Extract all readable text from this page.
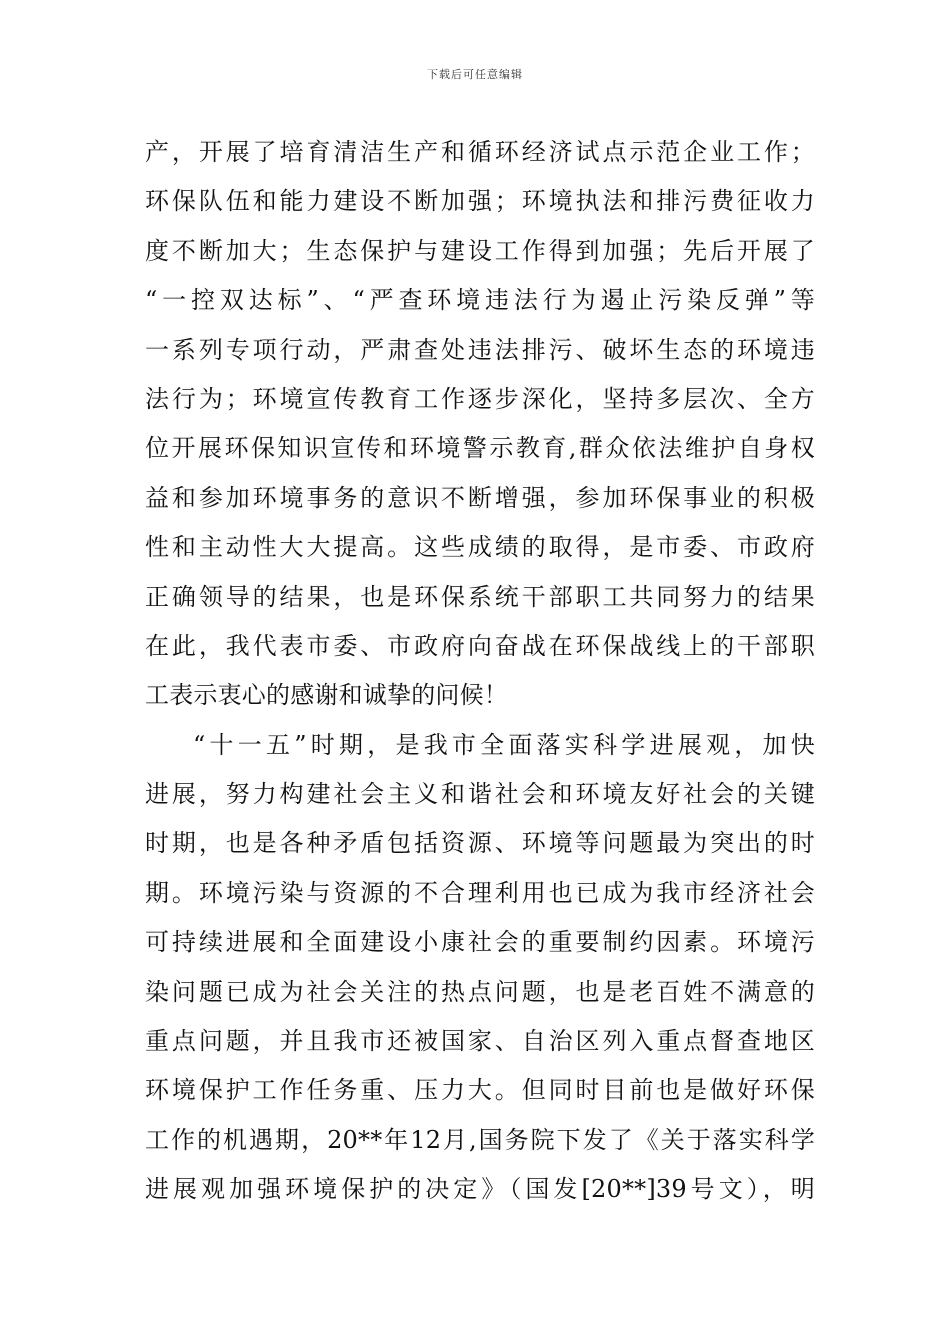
下载后可任意编辑
产，开展了培育清洁生产和循环经济试点示范企业工作；
环保队伍和能力建设不断加强；环境执法和排污费征收力
度不断加大；生态保护与建设工作得到加强；先后开展了
“一控双达标”、“严查环境违法行为遏止污染反弹”等
一系列专项行动，严肃查处违法排污、破坏生态的环境违
法行为；环境宣传教育工作逐步深化，坚持多层次、全方
位开展环保知识宣传和环境警示教育,群众依法维护自身权
益和参加环境事务的意识不断增强，参加环保事业的积极
性和主动性大大提高。这些成绩的取得，是市委、市政府
正确领导的结果，也是环保系统干部职工共同努力的结果
在此，我代表市委、市政府向奋战在环保战线上的干部职
工表示衷心的感谢和诚挚的问候！
“十一五”时期，是我市全面落实科学进展观，加快
进展，努力构建社会主义和谐社会和环境友好社会的关键
时期，也是各种矛盾包括资源、环境等问题最为突出的时
期。环境污染与资源的不合理利用也已成为我市经济社会
可持续进展和全面建设小康社会的重要制约因素。环境污
染问题已成为社会关注的热点问题，也是老百姓不满意的
重点问题，并且我市还被国家、自治区列入重点督查地区
环境保护工作任务重、压力大。但同时目前也是做好环保
工作的机遇期，20**年12月,国务院下发了《关于落实科学
进展观加强环境保护的决定》（国发[20**]39号文），明
